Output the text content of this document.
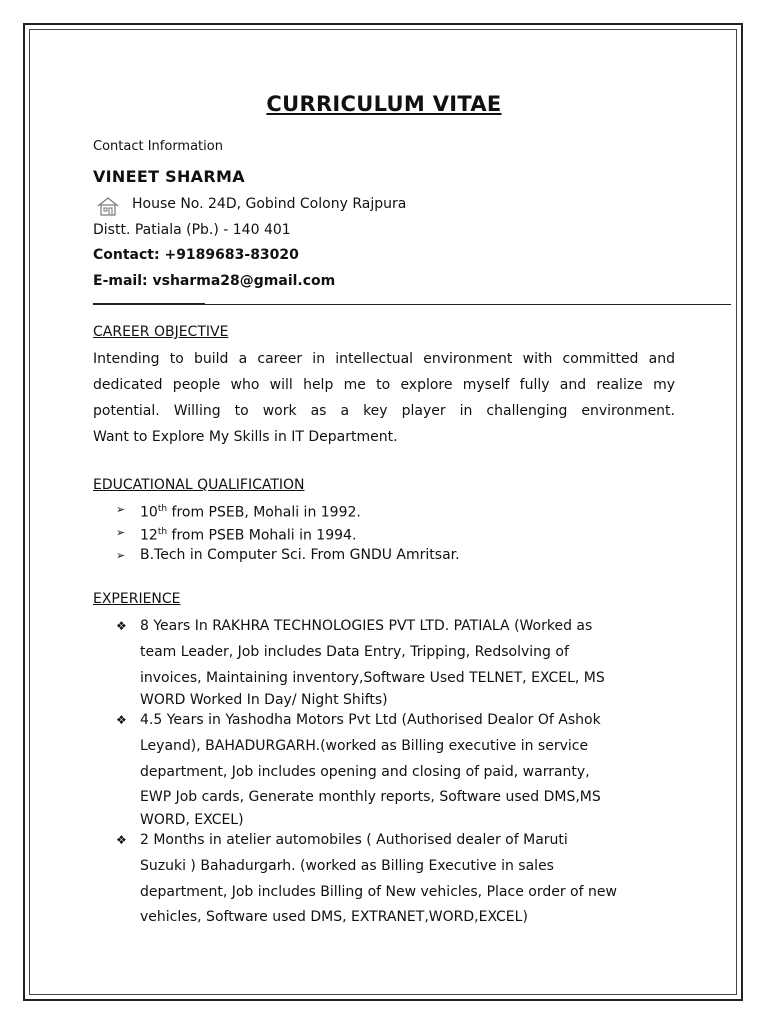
CURRICULUM VITAE
Contact Information
VINEET SHARMA
House No. 24D, Gobind Colony Rajpura
Distt. Patiala (Pb.) - 140 401
Contact: +9189683-83020
E-mail: vsharma28@gmail.com
CAREER OBJECTIVE
Intending to build a career in intellectual environment with committed and
dedicated people who will help me to explore myself fully and realize my
potential. Willing to work as a key player in challenging environment.
Want to Explore My Skills in IT Department.
EDUCATIONAL QUALIFICATION
➢ 10th from PSEB, Mohali in 1992.
➢ 12th from PSEB Mohali in 1994.
➢ B.Tech in Computer Sci. From GNDU Amritsar.
EXPERIENCE
❖ 8 Years In RAKHRA TECHNOLOGIES PVT LTD. PATIALA (Worked as
team Leader, Job includes Data Entry, Tripping, Redsolving of
invoices, Maintaining inventory,Software Used TELNET, EXCEL, MS
WORD Worked In Day/ Night Shifts)
❖ 4.5 Years in Yashodha Motors Pvt Ltd (Authorised Dealor Of Ashok
Leyand), BAHADURGARH.(worked as Billing executive in service
department, Job includes opening and closing of paid, warranty,
EWP Job cards, Generate monthly reports, Software used DMS,MS
WORD, EXCEL)
❖ 2 Months in atelier automobiles ( Authorised dealer of Maruti
Suzuki ) Bahadurgarh. (worked as Billing Executive in sales
department, Job includes Billing of New vehicles, Place order of new
vehicles, Software used DMS, EXTRANET,WORD,EXCEL)
